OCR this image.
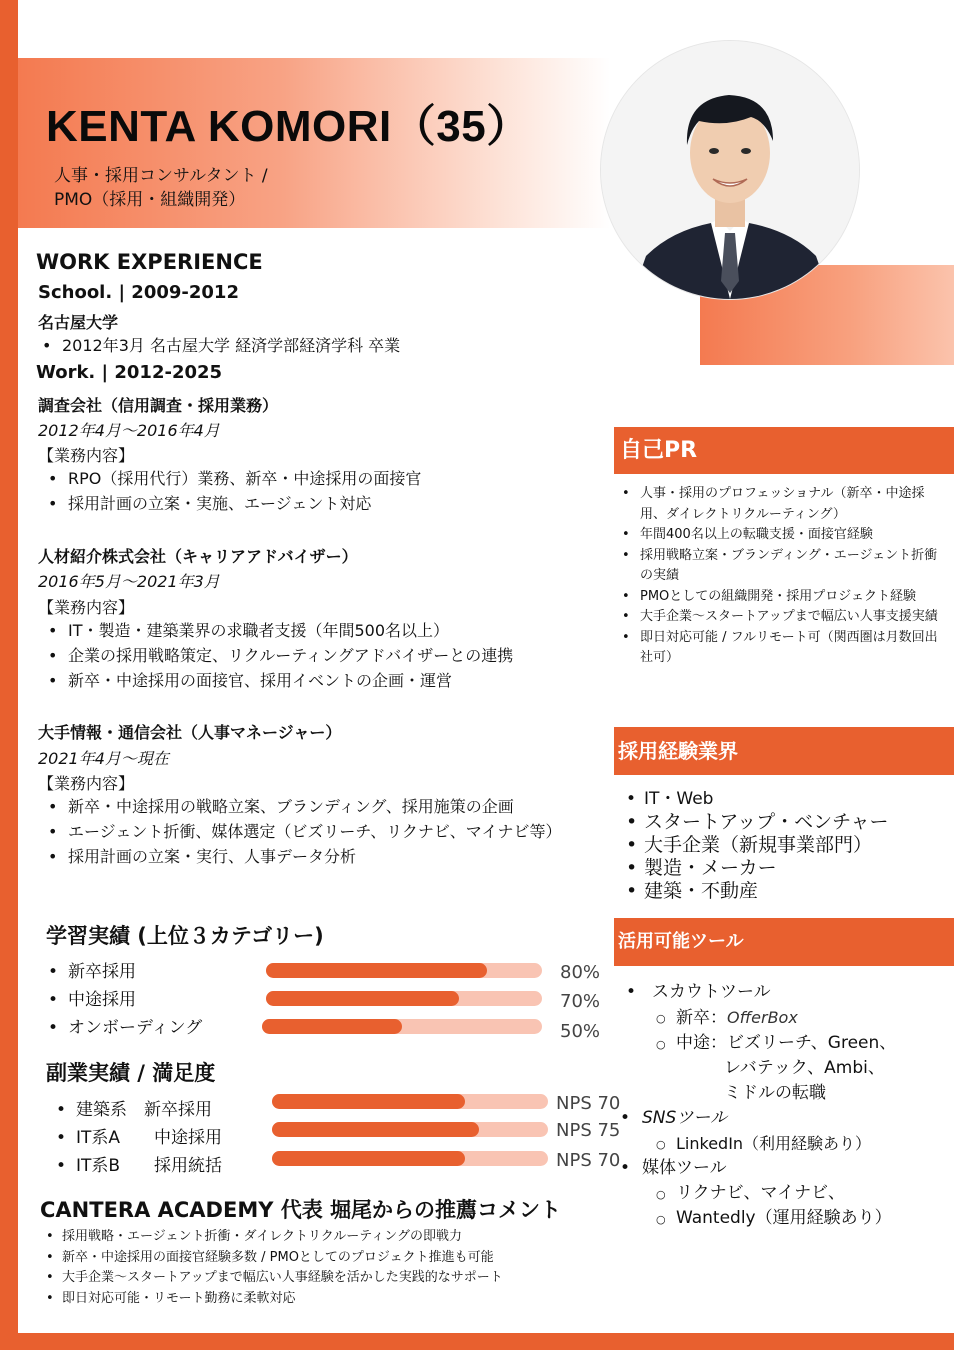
KENTA KOMORI（35）
人事・採用コンサルタント /
PMO（採用・組織開発）
WORK EXPERIENCE
School. | 2009-2012
名古屋大学
• 2012年3月 名古屋大学 経済学部経済学科 卒業
Work. | 2012-2025
調査会社（信用調査・採用業務）
2012年4月～2016年4月
【業務内容】
• RPO（採用代行）業務、新卒・中途採用の面接官
• 採用計画の立案・実施、エージェント対応
人材紹介株式会社（キャリアアドバイザー）
2016年5月～2021年3月
【業務内容】
• IT・製造・建築業界の求職者支援（年間500名以上）
• 企業の採用戦略策定、リクルーティングアドバイザーとの連携
• 新卒・中途採用の面接官、採用イベントの企画・運営
大手情報・通信会社（人事マネージャー）
2021年4月～現在
【業務内容】
• 新卒・中途採用の戦略立案、ブランディング、採用施策の企画
• エージェント折衝、媒体選定（ビズリーチ、リクナビ、マイナビ等）
• 採用計画の立案・実行、人事データ分析
学習実績 (上位３カテゴリー)
• 新卒採用
• 中途採用
• オンボーディング
80%
70%
50%
副業実績 / 満足度
• 建築系　新卒採用
• IT系A　　中途採用
• IT系B　　採用統括
NPS 70
NPS 75
NPS 70
CANTERA ACADEMY 代表 堀尾からの推薦コメント
• 採用戦略・エージェント折衝・ダイレクトリクルーティングの即戦力
• 新卒・中途採用の面接官経験多数 / PMOとしてのプロジェクト推進も可能
• 大手企業～スタートアップまで幅広い人事経験を活かした実践的なサポート
• 即日対応可能・リモート勤務に柔軟対応
自己PR
• 人事・採用のプロフェッショナル（新卒・中途採用、ダイレクトリクルーティング）
• 年間400名以上の転職支援・面接官経験
• 採用戦略立案・ブランディング・エージェント折衝の実績
• PMOとしての組織開発・採用プロジェクト経験
• 大手企業～スタートアップまで幅広い人事支援実績
• 即日対応可能 / フルリモート可（関西圏は月数回出社可）
採用経験業界
• IT・Web
• スタートアップ・ベンチャー
• 大手企業（新規事業部門）
• 製造・メーカー
• 建築・不動産
活用可能ツール
• スカウトツール
○ 新卒：OfferBox
○ 中途：ビズリーチ、Green、
レバテック、Ambi、
ミドルの転職
• SNSツール
○ LinkedIn（利用経験あり）
• 媒体ツール
○ リクナビ、マイナビ、
○ Wantedly（運用経験あり）
